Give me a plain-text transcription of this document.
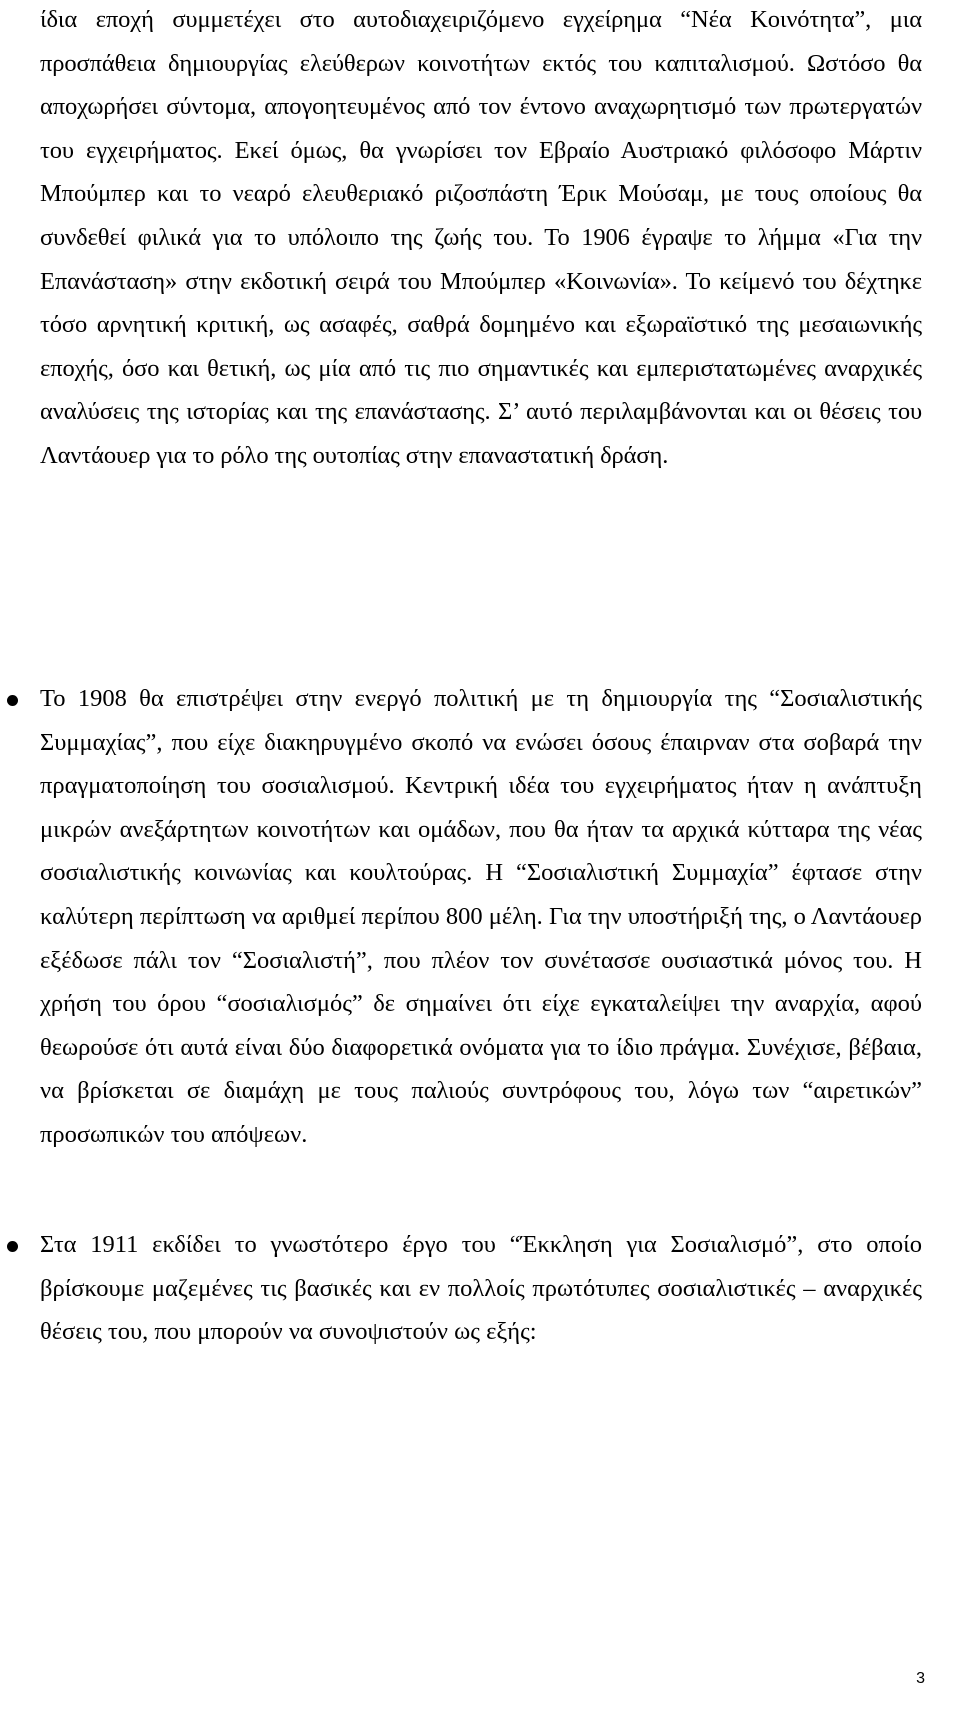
ίδια εποχή συμμετέχει στο αυτοδιαχειριζόμενο εγχείρημα “Νέα Κοινότητα”, μια προσπάθεια δημιουργίας ελεύθερων κοινοτήτων εκτός του καπιταλισμού. Ωστόσο θα αποχωρήσει σύντομα, απογοητευμένος από τον έντονο αναχωρητισμό των πρωτεργατών του εγχειρήματος. Εκεί όμως, θα γνωρίσει τον Εβραίο Αυστριακό φιλόσοφο Μάρτιν Μπούμπερ και το νεαρό ελευθεριακό ριζοσπάστη Έρικ Μούσαμ, με τους οποίους θα συνδεθεί φιλικά για το υπόλοιπο της ζωής του. Το 1906 έγραψε το λήμμα «Για την Επανάσταση» στην εκδοτική σειρά του Μπούμπερ «Κοινωνία». Το κείμενό του δέχτηκε τόσο αρνητική κριτική, ως ασαφές, σαθρά δομημένο και εξωραϊστικό της μεσαιωνικής εποχής, όσο και θετική, ως μία από τις πιο σημαντικές και εμπεριστατωμένες αναρχικές αναλύσεις της ιστορίας και της επανάστασης. Σ’ αυτό περιλαμβάνονται και οι θέσεις του Λαντάουερ για το ρόλο της ουτοπίας στην επαναστατική δράση.

Το 1908 θα επιστρέψει στην ενεργό πολιτική με τη δημιουργία της “Σοσιαλιστικής Συμμαχίας”, που είχε διακηρυγμένο σκοπό να ενώσει όσους έπαιρναν στα σοβαρά την πραγματοποίηση του σοσιαλισμού. Κεντρική ιδέα του εγχειρήματος ήταν η ανάπτυξη μικρών ανεξάρτητων κοινοτήτων και ομάδων, που θα ήταν τα αρχικά κύτταρα της νέας σοσιαλιστικής κοινωνίας και κουλτούρας. Η “Σοσιαλιστική Συμμαχία” έφτασε στην καλύτερη περίπτωση να αριθμεί περίπου 800 μέλη. Για την υποστήριξή της, ο Λαντάουερ εξέδωσε πάλι τον “Σοσιαλιστή”, που πλέον τον συνέτασσε ουσιαστικά μόνος του. Η χρήση του όρου “σοσιαλισμός” δε σημαίνει ότι είχε εγκαταλείψει την αναρχία, αφού θεωρούσε ότι αυτά είναι δύο διαφορετικά ονόματα για το ίδιο πράγμα. Συνέχισε, βέβαια, να βρίσκεται σε διαμάχη με τους παλιούς συντρόφους του, λόγω των “αιρετικών” προσωπικών του απόψεων.

Στα 1911 εκδίδει το γνωστότερο έργο του “Έκκληση για Σοσιαλισμό”, στο οποίο βρίσκουμε μαζεμένες τις βασικές και εν πολλοίς πρωτότυπες σοσιαλιστικές – αναρχικές θέσεις του, που μπορούν να συνοψιστούν ως εξής:

3
